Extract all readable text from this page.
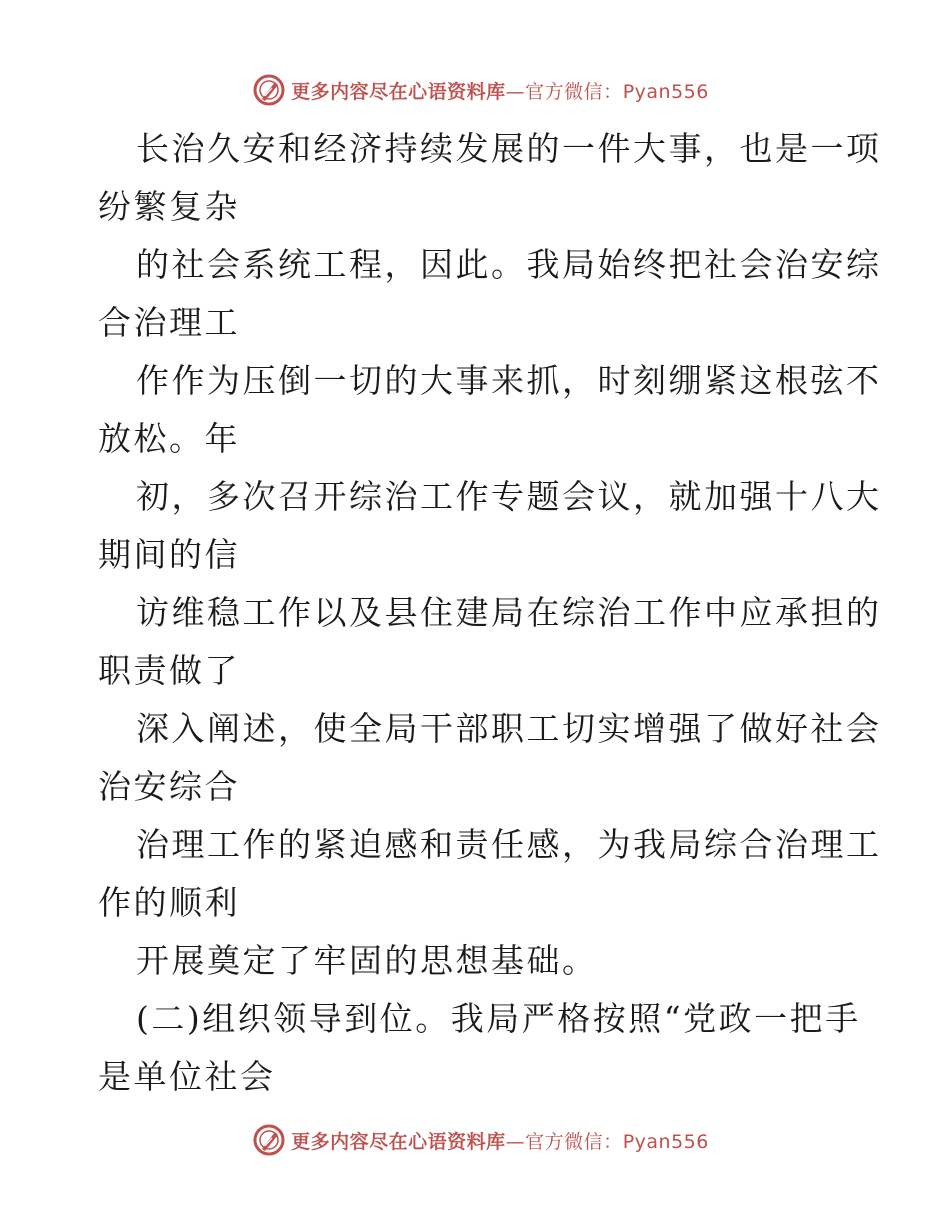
更多内容尽在心语资料库—官方微信：Pyan556
长治久安和经济持续发展的一件大事，也是一项
纷繁复杂
的社会系统工程，因此。我局始终把社会治安综
合治理工
作作为压倒一切的大事来抓，时刻绷紧这根弦不
放松。年
初，多次召开综治工作专题会议，就加强十八大
期间的信
访维稳工作以及县住建局在综治工作中应承担的
职责做了
深入阐述，使全局干部职工切实增强了做好社会
治安综合
治理工作的紧迫感和责任感，为我局综合治理工
作的顺利
开展奠定了牢固的思想基础。
(二)组织领导到位。我局严格按照“党政一把手
是单位社会
更多内容尽在心语资料库—官方微信：Pyan556
